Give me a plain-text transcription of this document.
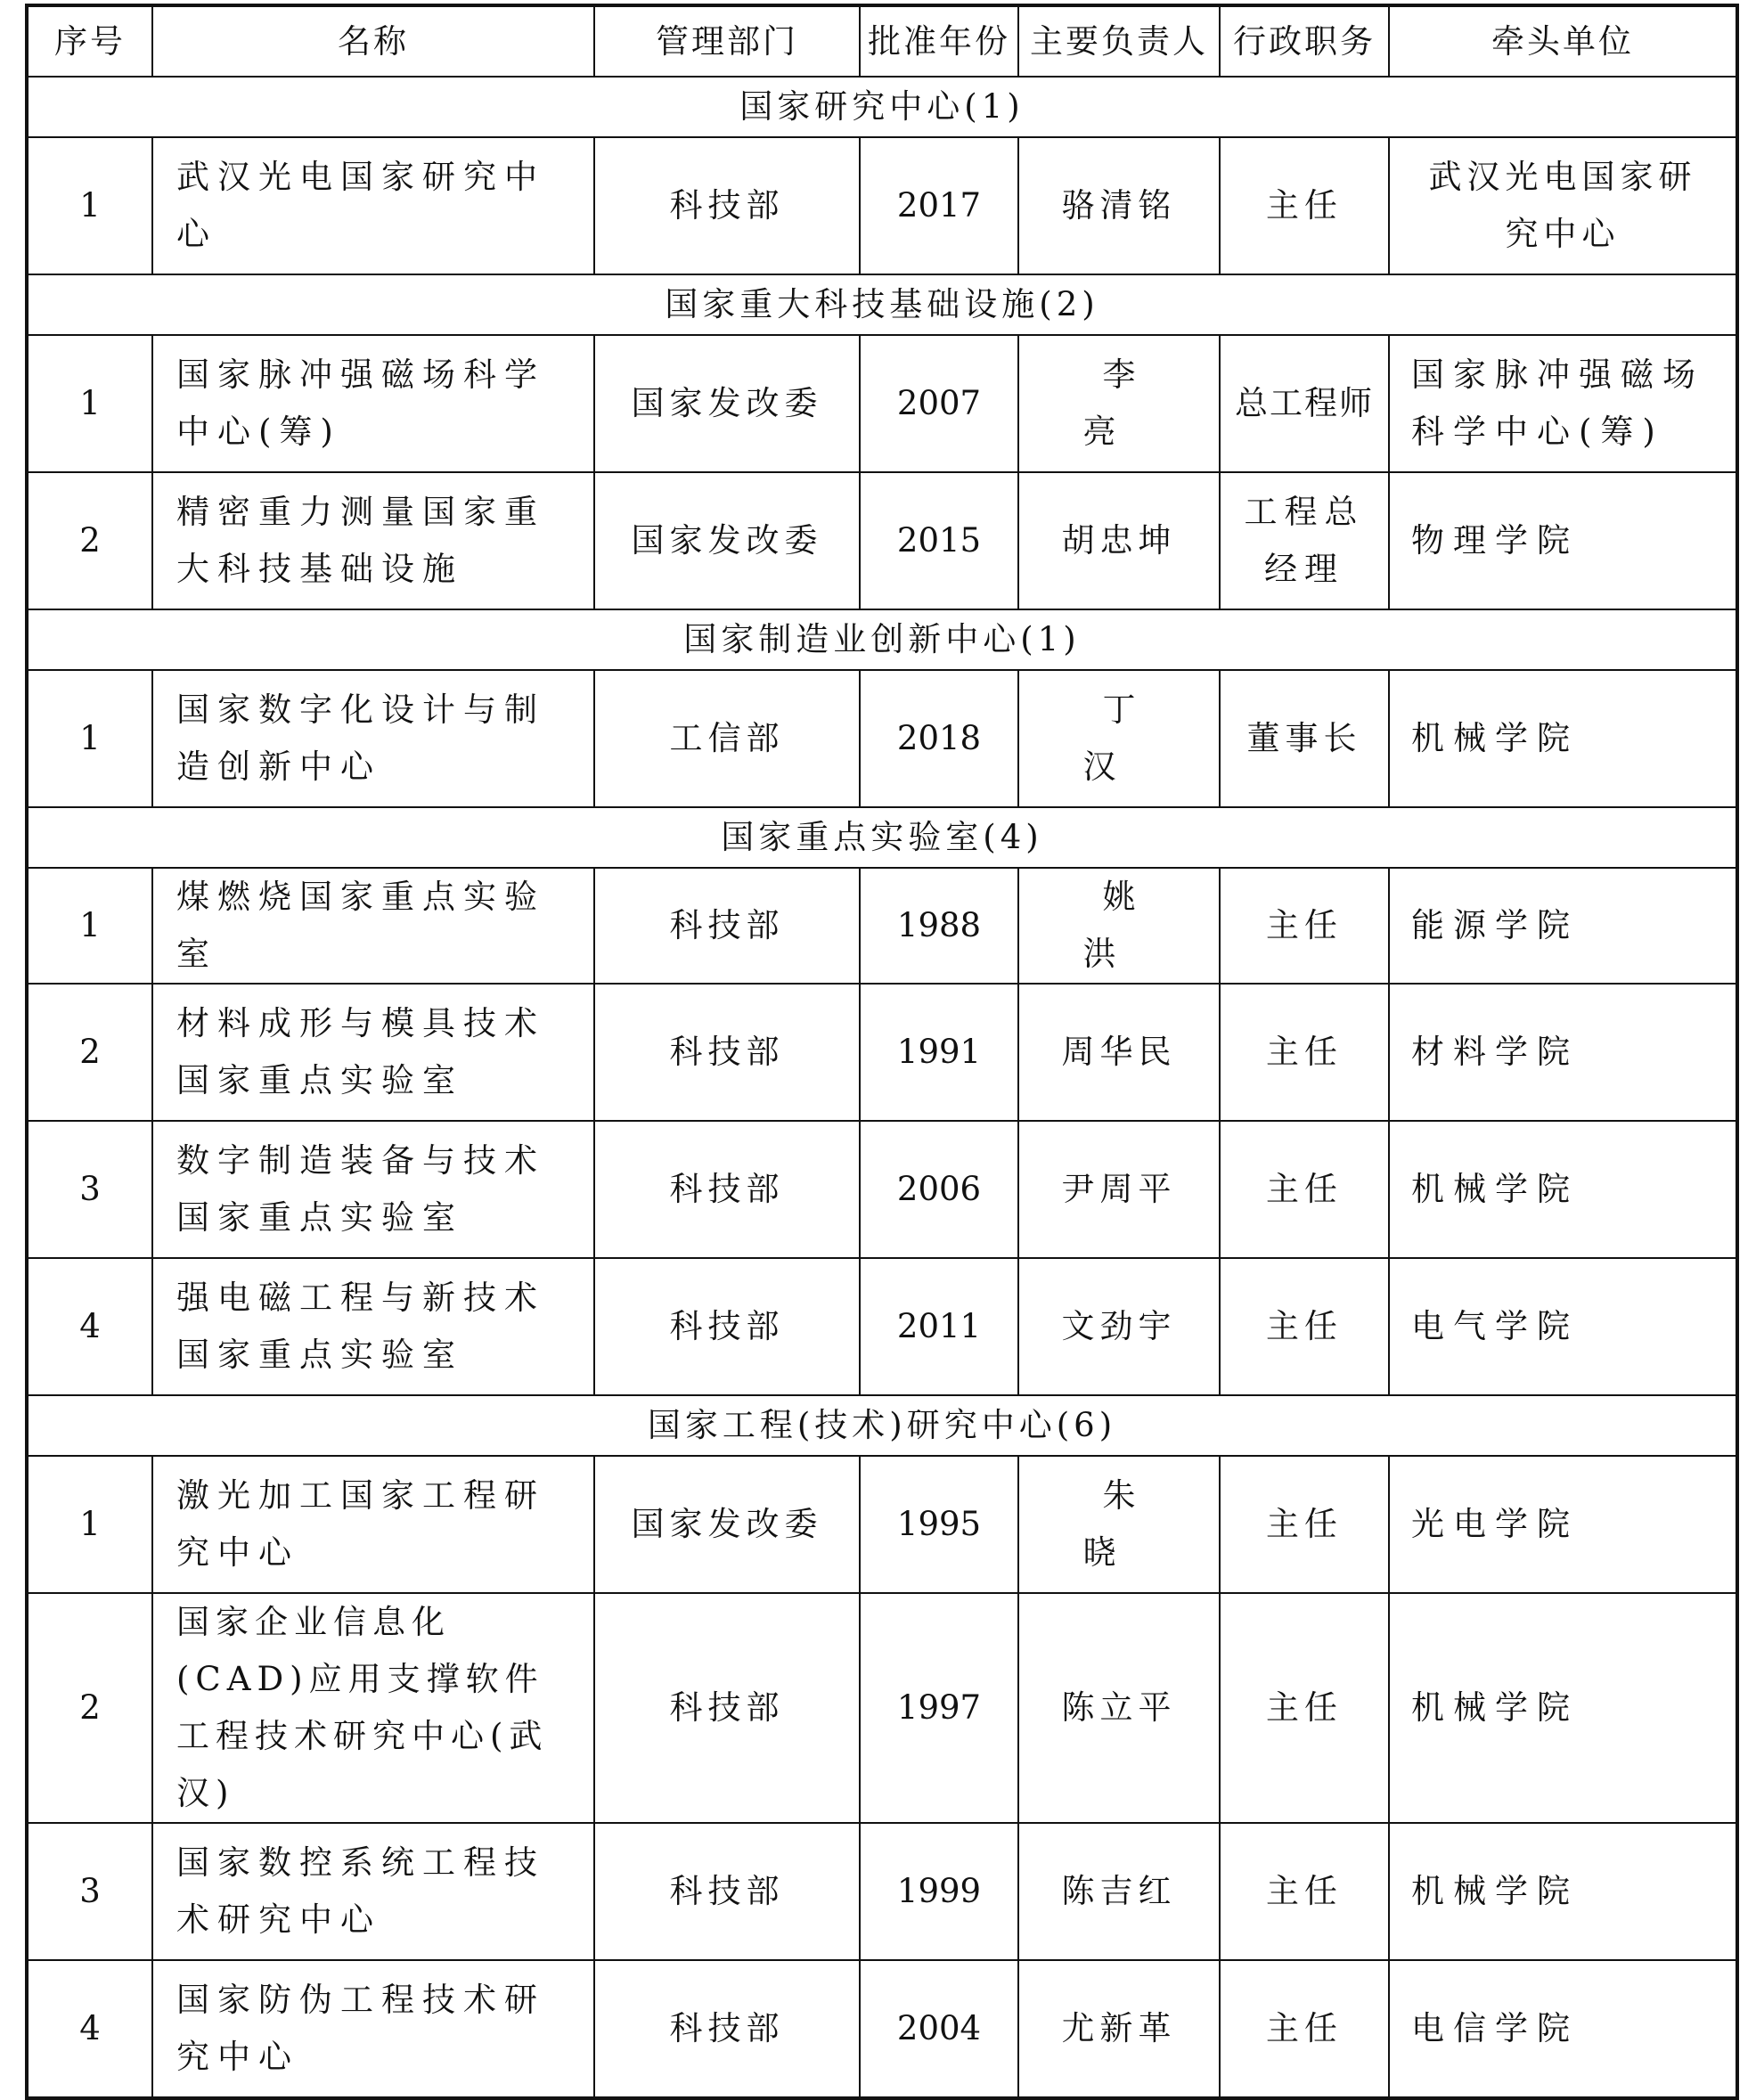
序号	名称	管理部门	批准年份	主要负责人	行政职务	牵头单位
国家研究中心(1)						
1	武汉光电国家研究中心	科技部	2017	骆清铭	主任	武汉光电国家研究中心
国家重大科技基础设施(2)						
1	国家脉冲强磁场科学中心(筹)	国家发改委	2007	李　亮	总工程师	国家脉冲强磁场科学中心(筹)
2	精密重力测量国家重大科技基础设施	国家发改委	2015	胡忠坤	工程总经理	物理学院
国家制造业创新中心(1)						
1	国家数字化设计与制造创新中心	工信部	2018	丁　汉	董事长	机械学院
国家重点实验室(4)						
1	煤燃烧国家重点实验室	科技部	1988	姚　洪	主任	能源学院
2	材料成形与模具技术国家重点实验室	科技部	1991	周华民	主任	材料学院
3	数字制造装备与技术国家重点实验室	科技部	2006	尹周平	主任	机械学院
4	强电磁工程与新技术国家重点实验室	科技部	2011	文劲宇	主任	电气学院
国家工程(技术)研究中心(6)						
1	激光加工国家工程研究中心	国家发改委	1995	朱　晓	主任	光电学院
2	国家企业信息化(CAD)应用支撑软件工程技术研究中心(武汉)	科技部	1997	陈立平	主任	机械学院
3	国家数控系统工程技术研究中心	科技部	1999	陈吉红	主任	机械学院
4	国家防伪工程技术研究中心	科技部	2004	尤新革	主任	电信学院
